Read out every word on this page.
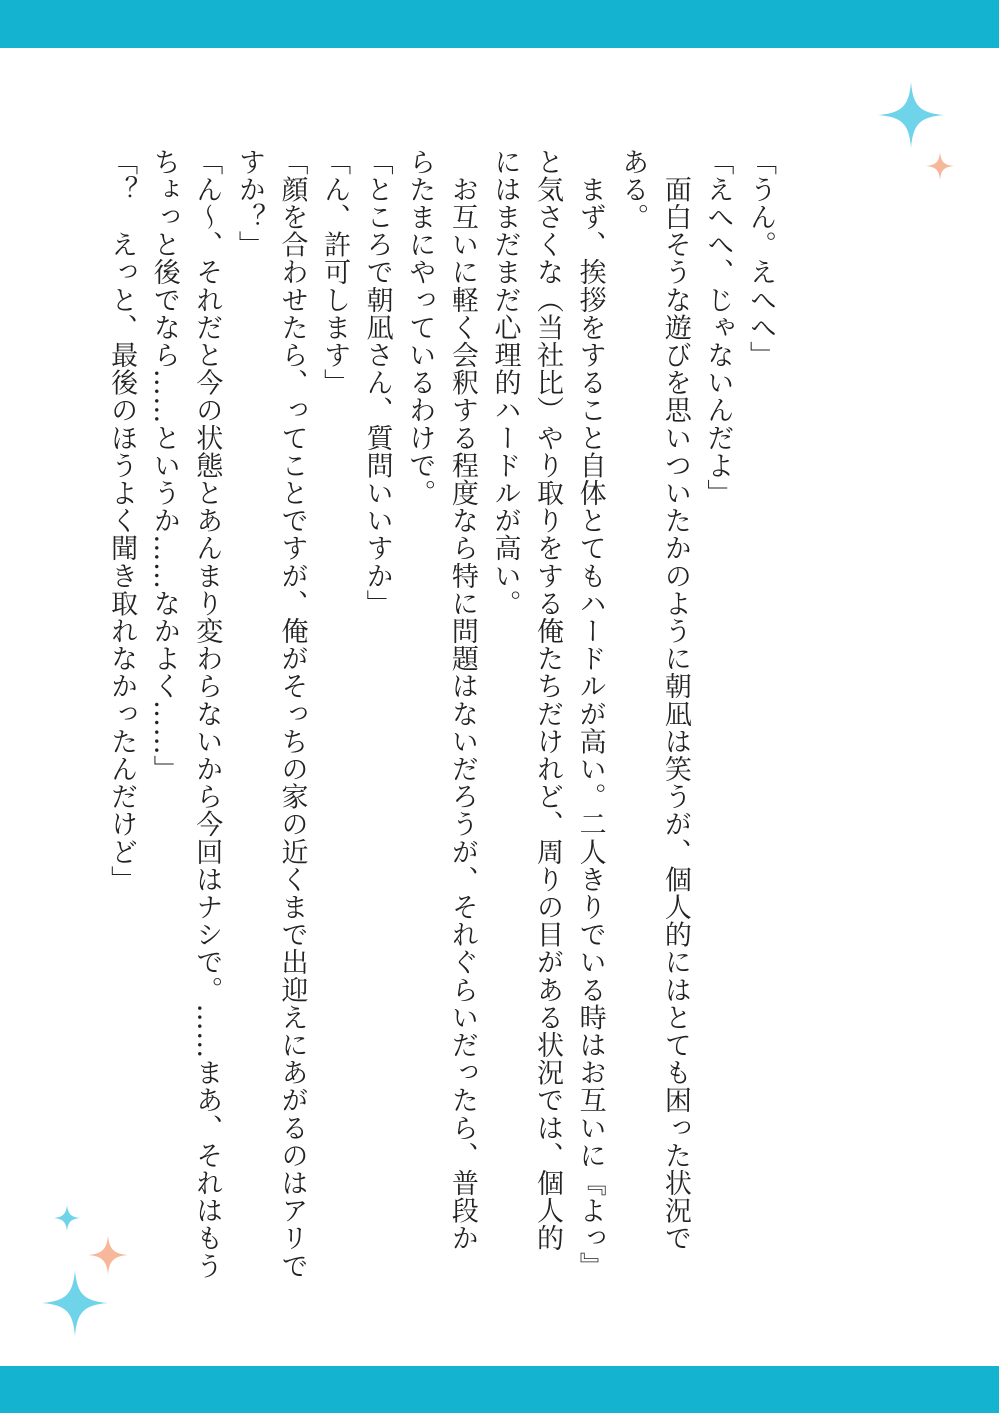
「うん。えへへ」
「えへへ、じゃないんだよ」
　面白そうな遊びを思いついたかのように朝凪は笑うが、個人的にはとても困った状況で
ある。
　まず、挨拶をすること自体とてもハードルが高い。二人きりでいる時はお互いに『よっ』
と気さくな（当社比）やり取りをする俺たちだけれど、周りの目がある状況では、個人的
にはまだまだ心理的ハードルが高い。
　お互いに軽く会釈する程度なら特に問題はないだろうが、それぐらいだったら、普段か
らたまにやっているわけで。
「ところで朝凪さん、質問いいすか」
「ん、許可します」
「顔を合わせたら、ってことですが、俺がそっちの家の近くまで出迎えにあがるのはアリで
すか？」
「ん～、それだと今の状態とあんまり変わらないから今回はナシで。……まあ、それはもう
ちょっと後でなら……というか……なかよく……」
「？　えっと、最後のほうよく聞き取れなかったんだけど」
